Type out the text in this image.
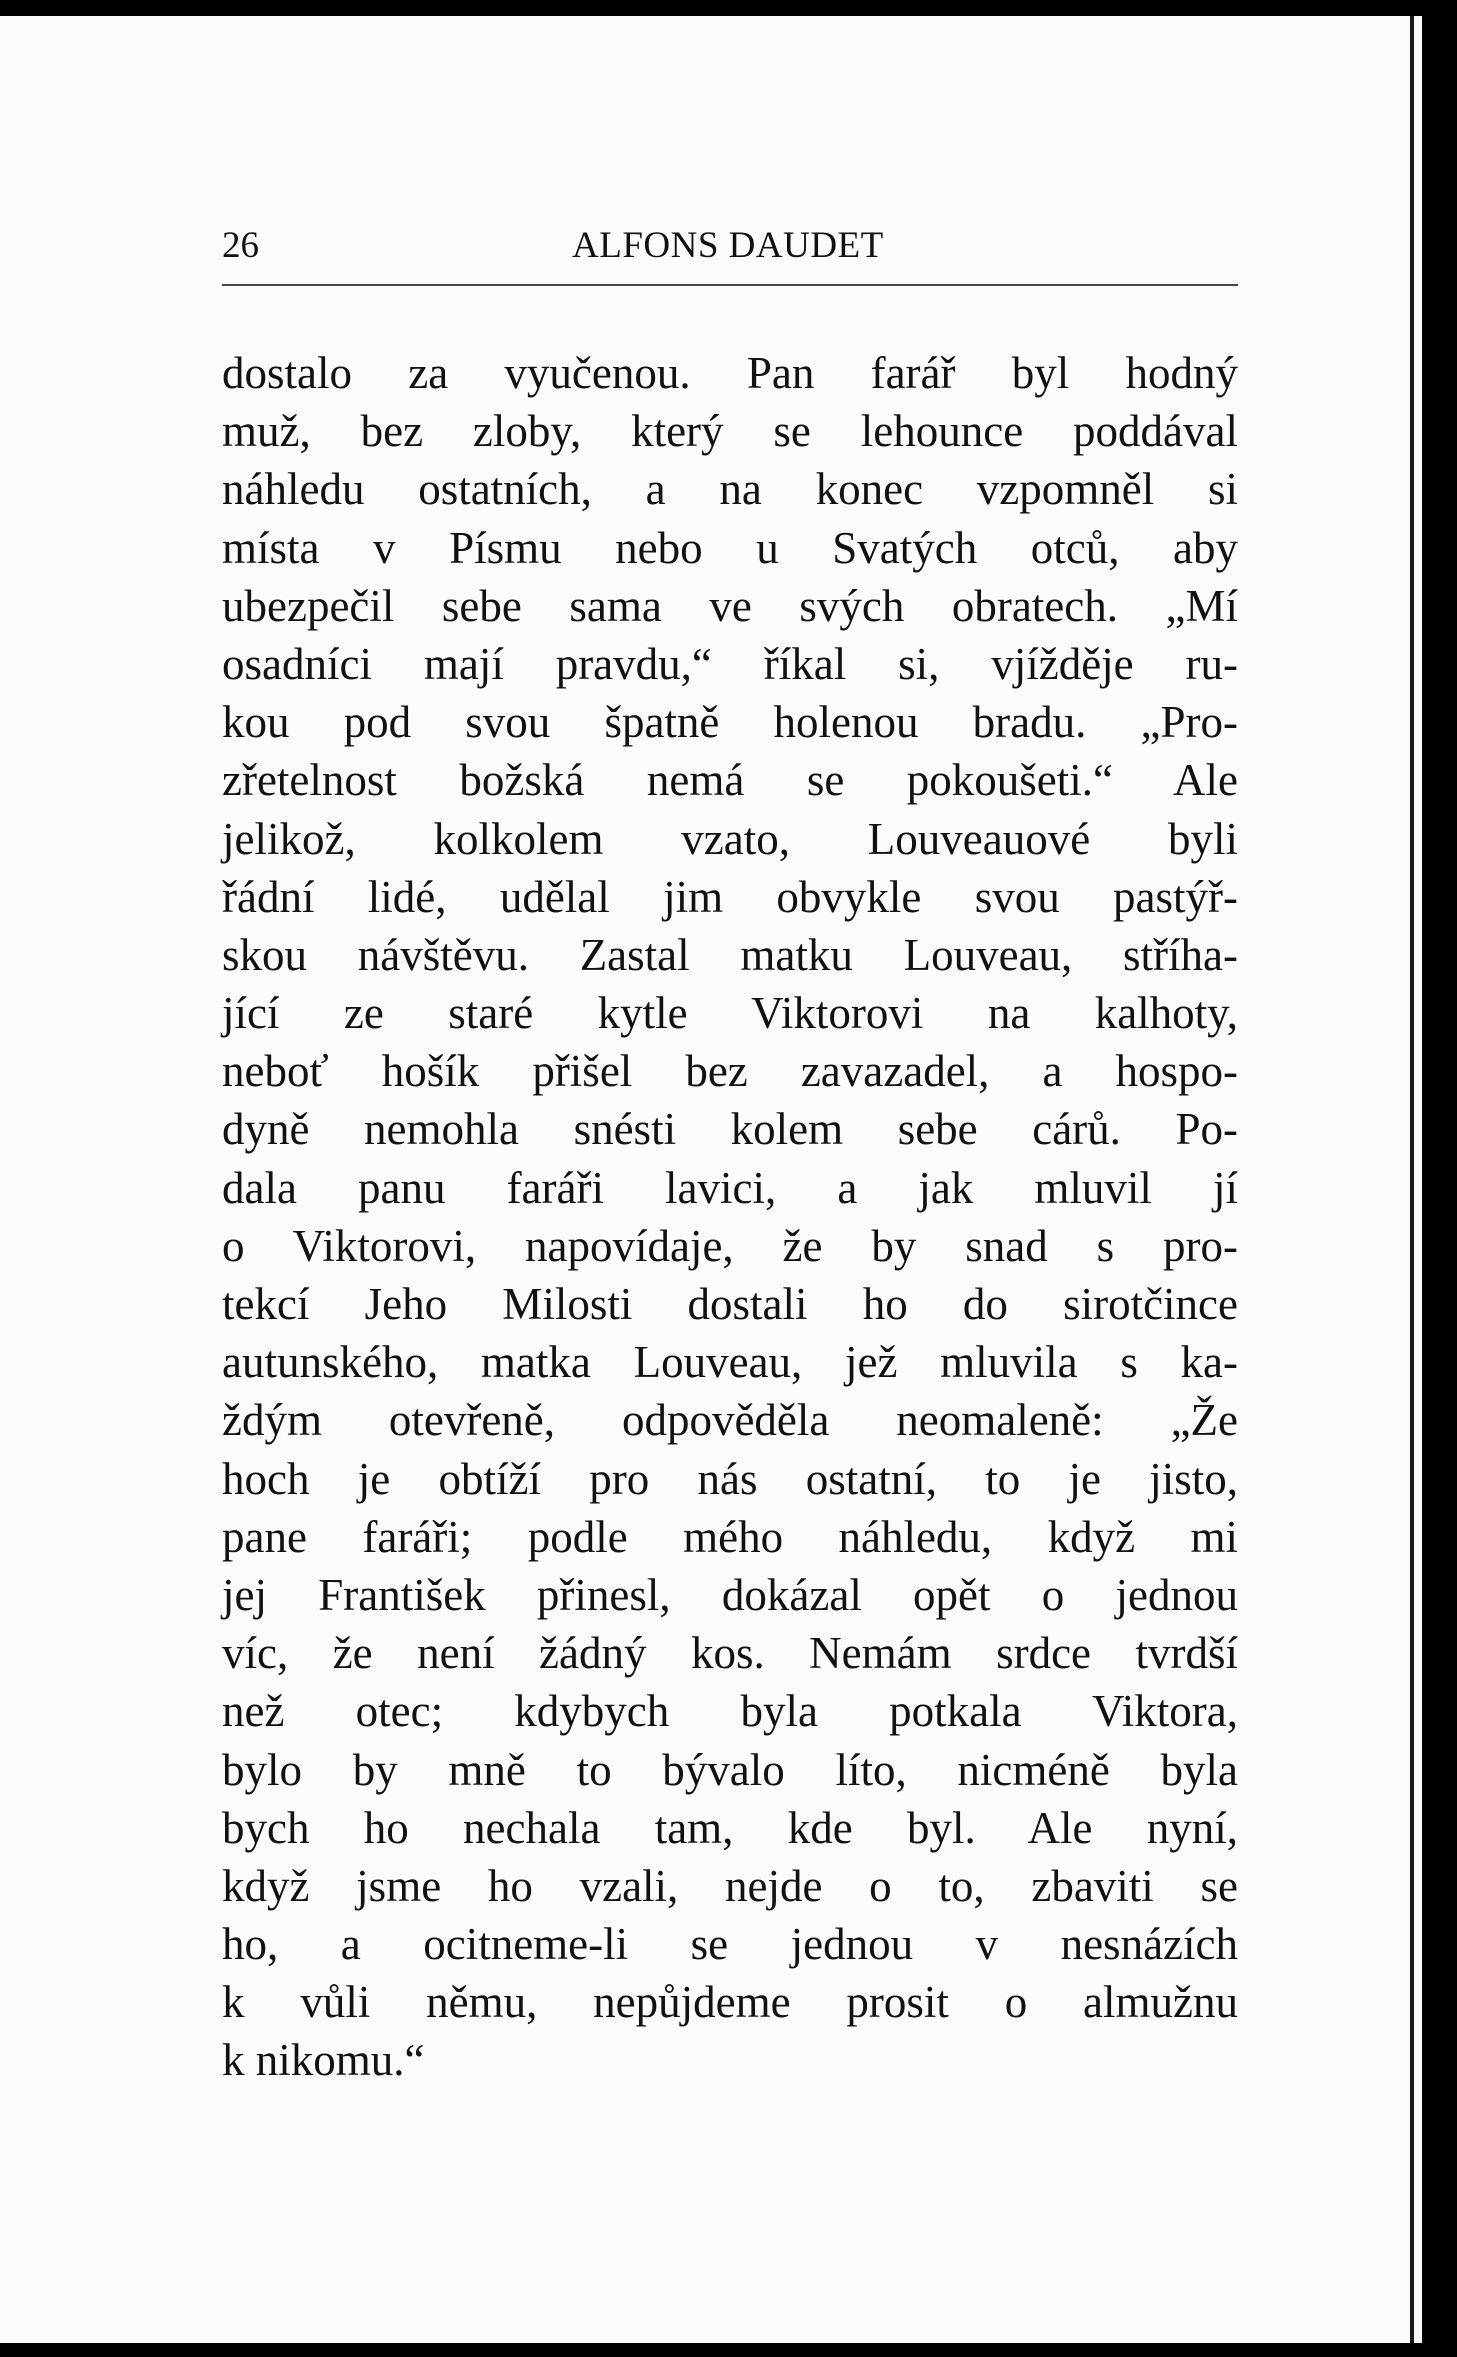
26	ALFONS DAUDET
dostalo za vyučenou. Pan farář byl hodný
muž, bez zloby, který se lehounce poddával
náhledu ostatních, a na konec vzpomněl si
místa v Písmu nebo u Svatých otců, aby
ubezpečil sebe sama ve svých obratech. „Mí
osadníci mají pravdu,“ říkal si, vjížděje ru-
kou pod svou špatně holenou bradu. „Pro-
zřetelnost božská nemá se pokoušeti.“ Ale
jelikož, kolkolem vzato, Louveauové byli
řádní lidé, udělal jim obvykle svou pastýř-
skou návštěvu. Zastal matku Louveau, stříha-
jící ze staré kytle Viktorovi na kalhoty,
neboť hošík přišel bez zavazadel, a hospo-
dyně nemohla snésti kolem sebe cárů. Po-
dala panu faráři lavici, a jak mluvil jí
o Viktorovi, napovídaje, že by snad s pro-
tekcí Jeho Milosti dostali ho do sirotčince
autunského, matka Louveau, jež mluvila s ka-
ždým otevřeně, odpověděla neomaleně: „Že
hoch je obtíží pro nás ostatní, to je jisto,
pane faráři; podle mého náhledu, když mi
jej František přinesl, dokázal opět o jednou
víc, že není žádný kos. Nemám srdce tvrdší
než otec; kdybych byla potkala Viktora,
bylo by mně to bývalo líto, nicméně byla
bych ho nechala tam, kde byl. Ale nyní,
když jsme ho vzali, nejde o to, zbaviti se
ho, a ocitneme-li se jednou v nesnázích
k vůli němu, nepůjdeme prosit o almužnu
k nikomu.“
